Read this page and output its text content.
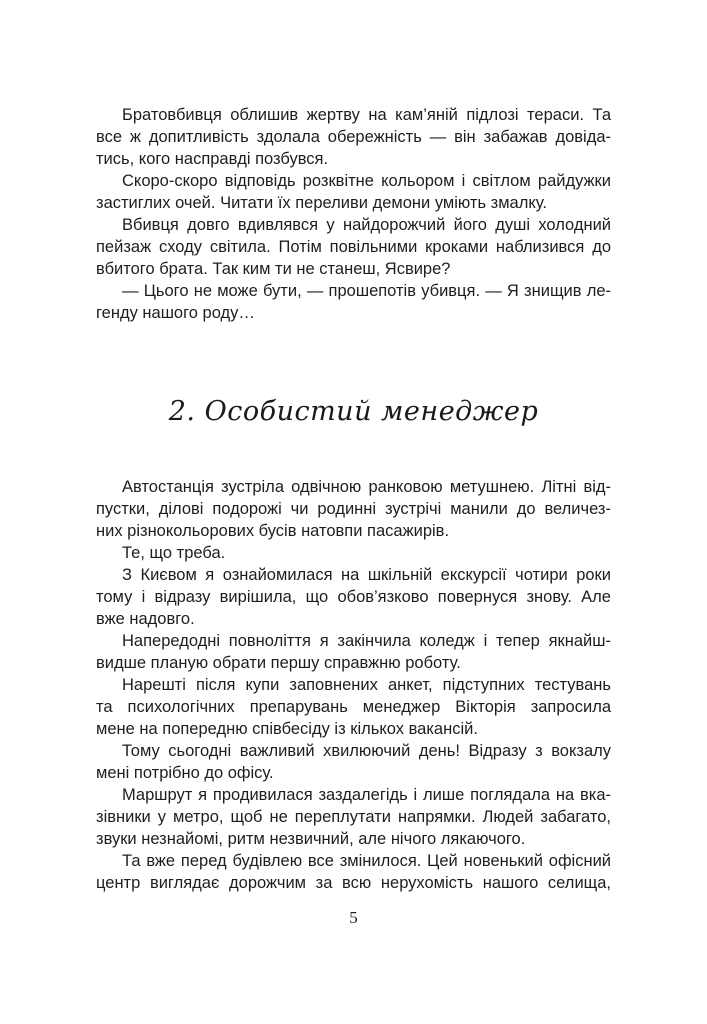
Братовбивця облишив жертву на кам’яній підлозі тераси. Та
все ж допитливість здолала обережність — він забажав довіда-
тись, кого насправді позбувся.
Скоро-скоро відповідь розквітне кольором і світлом райдужки
застиглих очей. Читати їх переливи демони уміють змалку.
Вбивця довго вдивлявся у найдорожчий його душі холодний
пейзаж сходу світила. Потім повільними кроками наблизився до
вбитого брата. Так ким ти не станеш, Ясвире?
— Цього не може бути, — прошепотів убивця. — Я знищив ле-
генду нашого роду…
2. Особистий менеджер
Автостанція зустріла одвічною ранковою метушнею. Літні від-
пустки, ділові подорожі чи родинні зустрічі манили до величез-
них різнокольорових бусів натовпи пасажирів.
Те, що треба.
З Києвом я ознайомилася на шкільній екскурсії чотири роки
тому і відразу вирішила, що обов’язково повернуся знову. Але
вже надовго.
Напередодні повноліття я закінчила коледж і тепер якнайш-
видше планую обрати першу справжню роботу.
Нарешті після купи заповнених анкет, підступних тестувань
та психологічних препарувань менеджер Вікторія запросила
мене на попередню співбесіду із кількох вакансій.
Тому сьогодні важливий хвилюючий день! Відразу з вокзалу
мені потрібно до офісу.
Маршрут я продивилася заздалегідь і лише поглядала на вка-
зівники у метро, щоб не переплутати напрямки. Людей забагато,
звуки незнайомі, ритм незвичний, але нічого лякаючого.
Та вже перед будівлею все змінилося. Цей новенький офісний
центр виглядає дорожчим за всю нерухомість нашого селища,
5
